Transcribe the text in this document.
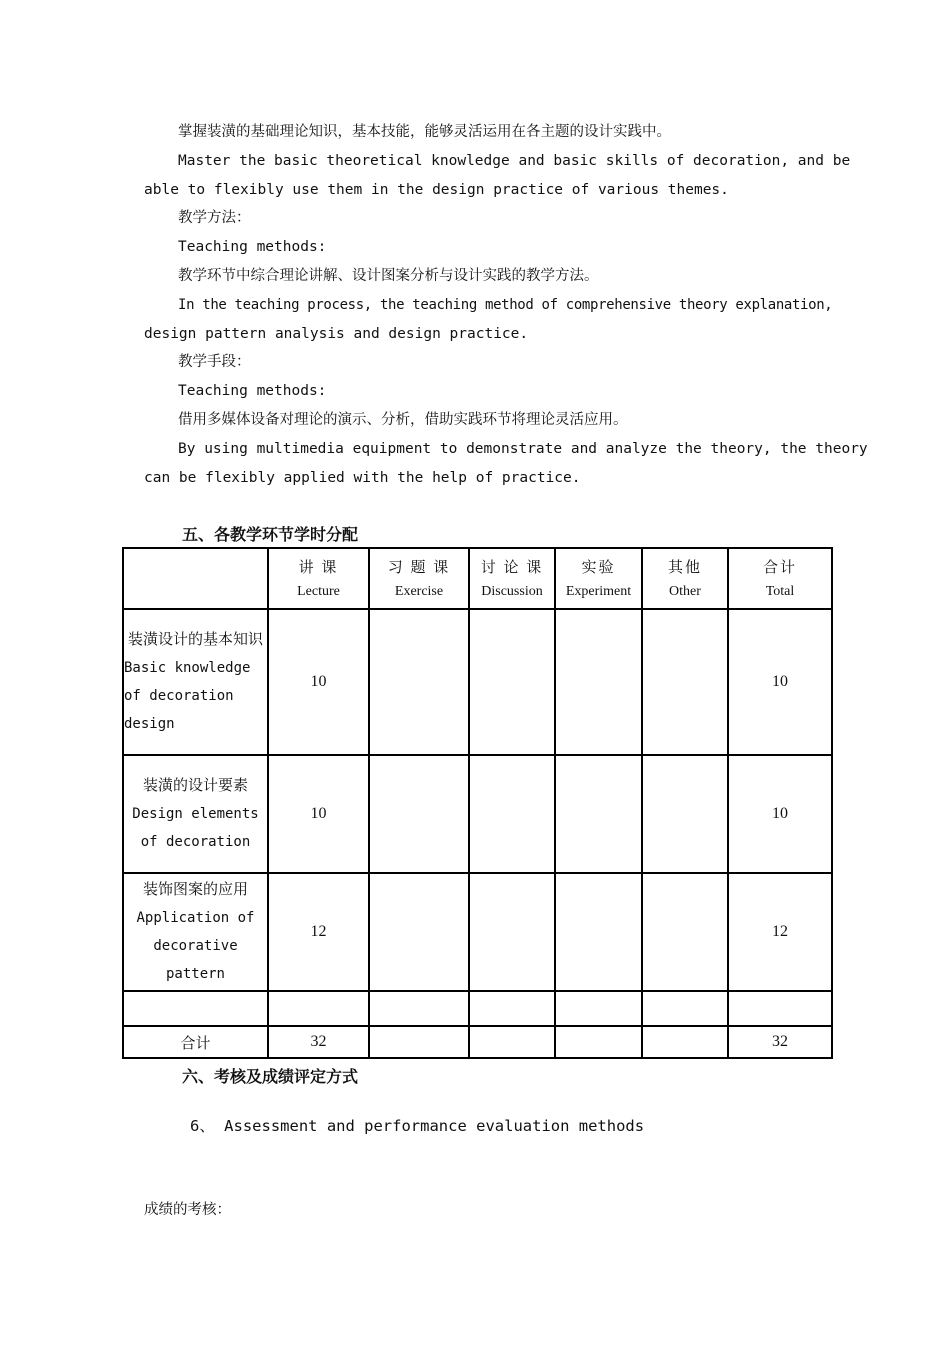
掌握装潢的基础理论知识，基本技能，能够灵活运用在各主题的设计实践中。
Master the basic theoretical knowledge and basic skills of decoration, and be
able to flexibly use them in the design practice of various themes.
教学方法：
Teaching methods:
教学环节中综合理论讲解、设计图案分析与设计实践的教学方法。
In the teaching process, the teaching method of comprehensive theory explanation,
design pattern analysis and design practice.
教学手段：
Teaching methods:
借用多媒体设备对理论的演示、分析，借助实践环节将理论灵活应用。
By using multimedia equipment to demonstrate and analyze the theory, the theory
can be flexibly applied with the help of practice.
五、各教学环节学时分配

	讲 课
Lecture	习 题 课
Exercise	讨 论 课
Discussion	实验
Experiment	其他
Other	合计
Total

装潢设计的基本知识
Basic knowledge of decoration design	10					10

装潢的设计要素
Design elements of decoration	10					10

装饰图案的应用
Application of decorative pattern	12					12

合计	32					32
六、考核及成绩评定方式
6、 Assessment and performance evaluation methods
成绩的考核：
